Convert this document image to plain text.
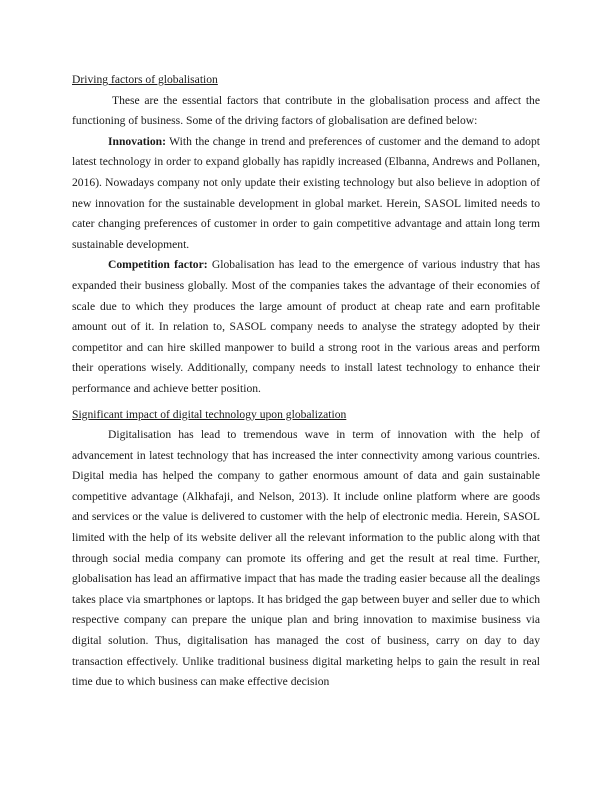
Driving factors of globalisation

These are the essential factors that contribute in the globalisation process and affect the functioning of business. Some of the driving factors of globalisation are defined below:

Innovation: With the change in trend and preferences of customer and the demand to adopt latest technology in order to expand globally has rapidly increased (Elbanna, Andrews and Pollanen, 2016). Nowadays company not only update their existing technology but also believe in adoption of new innovation for the sustainable development in global market. Herein, SASOL limited needs to cater changing preferences of customer in order to gain competitive advantage and attain long term sustainable development.

Competition factor: Globalisation has lead to the emergence of various industry that has expanded their business globally. Most of the companies takes the advantage of their economies of scale due to which they produces the large amount of product at cheap rate and earn profitable amount out of it. In relation to, SASOL company needs to analyse the strategy adopted by their competitor and can hire skilled manpower to build a strong root in the various areas and perform their operations wisely. Additionally, company needs to install latest technology to enhance their performance and achieve better position.

Significant impact of digital technology upon globalization

Digitalisation has lead to tremendous wave in term of innovation with the help of advancement in latest technology that has increased the inter connectivity among various countries. Digital media has helped the company to gather enormous amount of data and gain sustainable competitive advantage (Alkhafaji, and Nelson, 2013). It include online platform where are goods and services or the value is delivered to customer with the help of electronic media. Herein, SASOL limited with the help of its website deliver all the relevant information to the public along with that through social media company can promote its offering and get the result at real time. Further, globalisation has lead an affirmative impact that has made the trading easier because all the dealings takes place via smartphones or laptops. It has bridged the gap between buyer and seller due to which respective company can prepare the unique plan and bring innovation to maximise business via digital solution. Thus, digitalisation has managed the cost of business, carry on day to day transaction effectively. Unlike traditional business digital marketing helps to gain the result in real time due to which business can make effective decision
